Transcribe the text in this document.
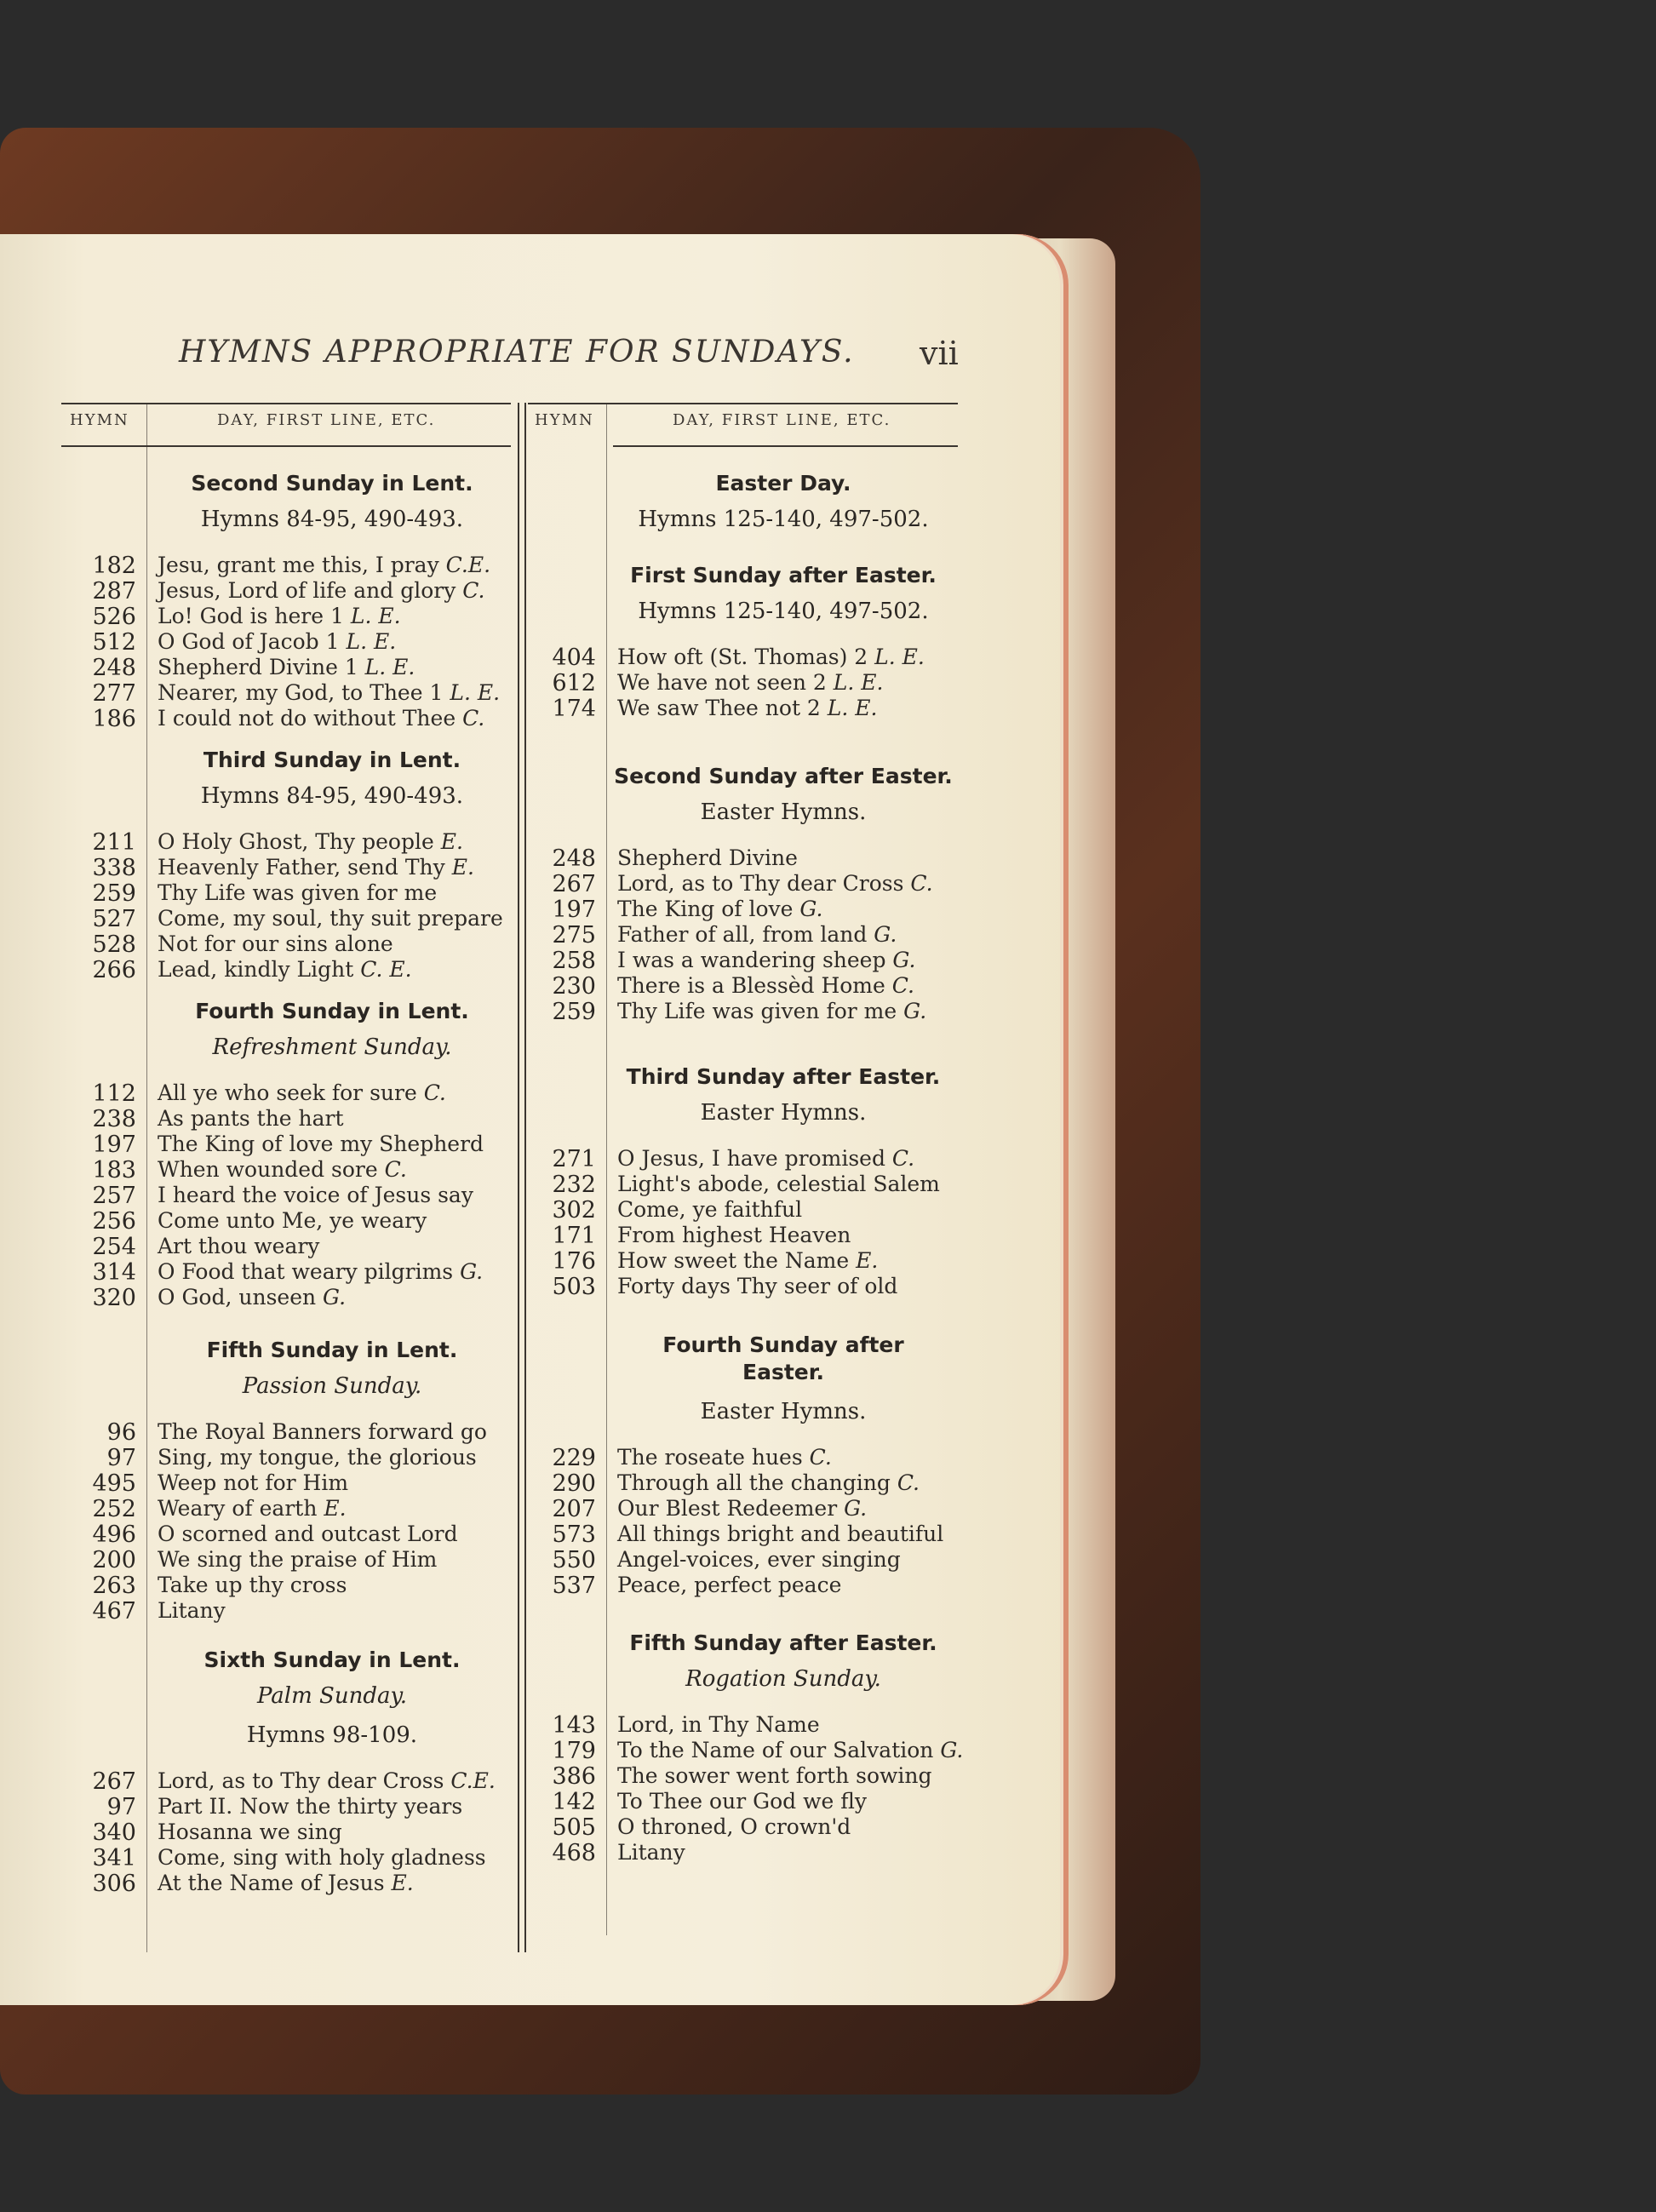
HYMNS APPROPRIATE FOR SUNDAYS.	vii
HYMN	DAY, FIRST LINE, ETC.	HYMN	DAY, FIRST LINE, ETC.
Second Sunday in Lent.
Hymns 84-95, 490-493.
182 Jesu, grant me this, I pray C.E.
287 Jesus, Lord of life and glory C.
526 Lo! God is here 1 L. E.
512 O God of Jacob 1 L. E.
248 Shepherd Divine 1 L. E.
277 Nearer, my God, to Thee 1 L. E.
186 I could not do without Thee C.
Third Sunday in Lent.
Hymns 84-95, 490-493.
211 O Holy Ghost, Thy people E.
338 Heavenly Father, send Thy E.
259 Thy Life was given for me
527 Come, my soul, thy suit prepare
528 Not for our sins alone
266 Lead, kindly Light C. E.
Fourth Sunday in Lent.
Refreshment Sunday.
112 All ye who seek for sure C.
238 As pants the hart
197 The King of love my Shepherd
183 When wounded sore C.
257 I heard the voice of Jesus say
256 Come unto Me, ye weary
254 Art thou weary
314 O Food that weary pilgrims G.
320 O God, unseen G.
Fifth Sunday in Lent.
Passion Sunday.
96 The Royal Banners forward go
97 Sing, my tongue, the glorious
495 Weep not for Him
252 Weary of earth E.
496 O scorned and outcast Lord
200 We sing the praise of Him
263 Take up thy cross
467 Litany
Sixth Sunday in Lent.
Palm Sunday.
Hymns 98-109.
267 Lord, as to Thy dear Cross C.E.
97 Part II. Now the thirty years
340 Hosanna we sing
341 Come, sing with holy gladness
306 At the Name of Jesus E.
Easter Day.
Hymns 125-140, 497-502.
First Sunday after Easter.
Hymns 125-140, 497-502.
404 How oft (St. Thomas) 2 L. E.
612 We have not seen 2 L. E.
174 We saw Thee not 2 L. E.
Second Sunday after Easter.
Easter Hymns.
248 Shepherd Divine
267 Lord, as to Thy dear Cross C.
197 The King of love G.
275 Father of all, from land G.
258 I was a wandering sheep G.
230 There is a Blessèd Home C.
259 Thy Life was given for me G.
Third Sunday after Easter.
Easter Hymns.
271 O Jesus, I have promised C.
232 Light's abode, celestial Salem
302 Come, ye faithful
171 From highest Heaven
176 How sweet the Name E.
503 Forty days Thy seer of old
Fourth Sunday after
Easter.
Easter Hymns.
229 The roseate hues C.
290 Through all the changing C.
207 Our Blest Redeemer G.
573 All things bright and beautiful
550 Angel-voices, ever singing
537 Peace, perfect peace
Fifth Sunday after Easter.
Rogation Sunday.
143 Lord, in Thy Name
179 To the Name of our Salvation G.
386 The sower went forth sowing
142 To Thee our God we fly
505 O throned, O crown'd
468 Litany
